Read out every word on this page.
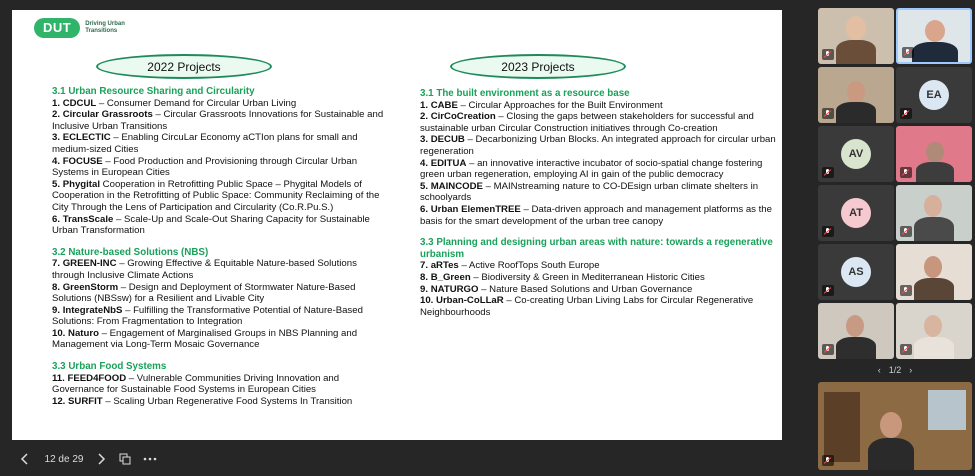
DUT	Driving Urban Transitions
2022 Projects	2023 Projects
3.1 Urban Resource Sharing and Circularity
1. CDCUL – Consumer Demand for Circular Urban Living
2. Circular Grassroots – Circular Grassroots Innovations for Sustainable and Inclusive Urban Transitions
3. ECLECTIC – Enabling CircuLar Economy aCTIon plans for small and medium-sized Cities
4. FOCUSE – Food Production and Provisioning through Circular Urban Systems in European Cities
5. Phygital Cooperation in Retrofitting Public Space – Phygital Models of Cooperation in the Retrofitting of Public Space: Community Reclaiming of the City Through the Lens of Participation and Circularity (Co.R.Pu.S.)
6. TransScale – Scale-Up and Scale-Out Sharing Capacity for Sustainable Urban Transformation
3.2 Nature-based Solutions (NBS)
7. GREEN-INC – Growing Effective & Equitable Nature-based Solutions through Inclusive Climate Actions
8. GreenStorm – Design and Deployment of Stormwater Nature-Based Solutions (NBSsw) for a Resilient and Livable City
9. IntegrateNbS – Fulfilling the Transformative Potential of Nature-Based Solutions: From Fragmentation to Integration
10. Naturo – Engagement of Marginalised Groups in NBS Planning and Management via Long-Term Mosaic Governance
3.3 Urban Food Systems
11. FEED4FOOD – Vulnerable Communities Driving Innovation and Governance for Sustainable Food Systems in European Cities
12. SURFIT – Scaling Urban Regenerative Food Systems In Transition
3.1 The built environment as a resource base
1. CABE – Circular Approaches for the Built Environment
2. CirCoCreation – Closing the gaps between stakeholders for successful and sustainable urban Circular Construction initiatives through Co-creation
3. DECUB – Decarbonizing Urban Blocks. An integrated approach for circular urban regeneration
4. EDITUA – an innovative interactive incubator of socio-spatial change fostering green urban regeneration, employing AI in gain of the public democracy
5. MAINCODE – MAINstreaming nature to CO-DEsign urban climate shelters in schoolyards
6. Urban ElemenTREE – Data-driven approach and management platforms as the basis for the smart development of the urban tree canopy
3.3 Planning and designing urban areas with nature: towards a regenerative urbanism
7. aRTes – Active RoofTops South Europe
8. B_Green – Biodiversity & Green in Mediterranean Historic Cities
9. NATURGO – Nature Based Solutions and Urban Governance
10. Urban-CoLLaR – Co-creating Urban Living Labs for Circular Regenerative Neighbourhoods
12 de 29
EA
AV
AT
AS
‹ 1/2 ›
